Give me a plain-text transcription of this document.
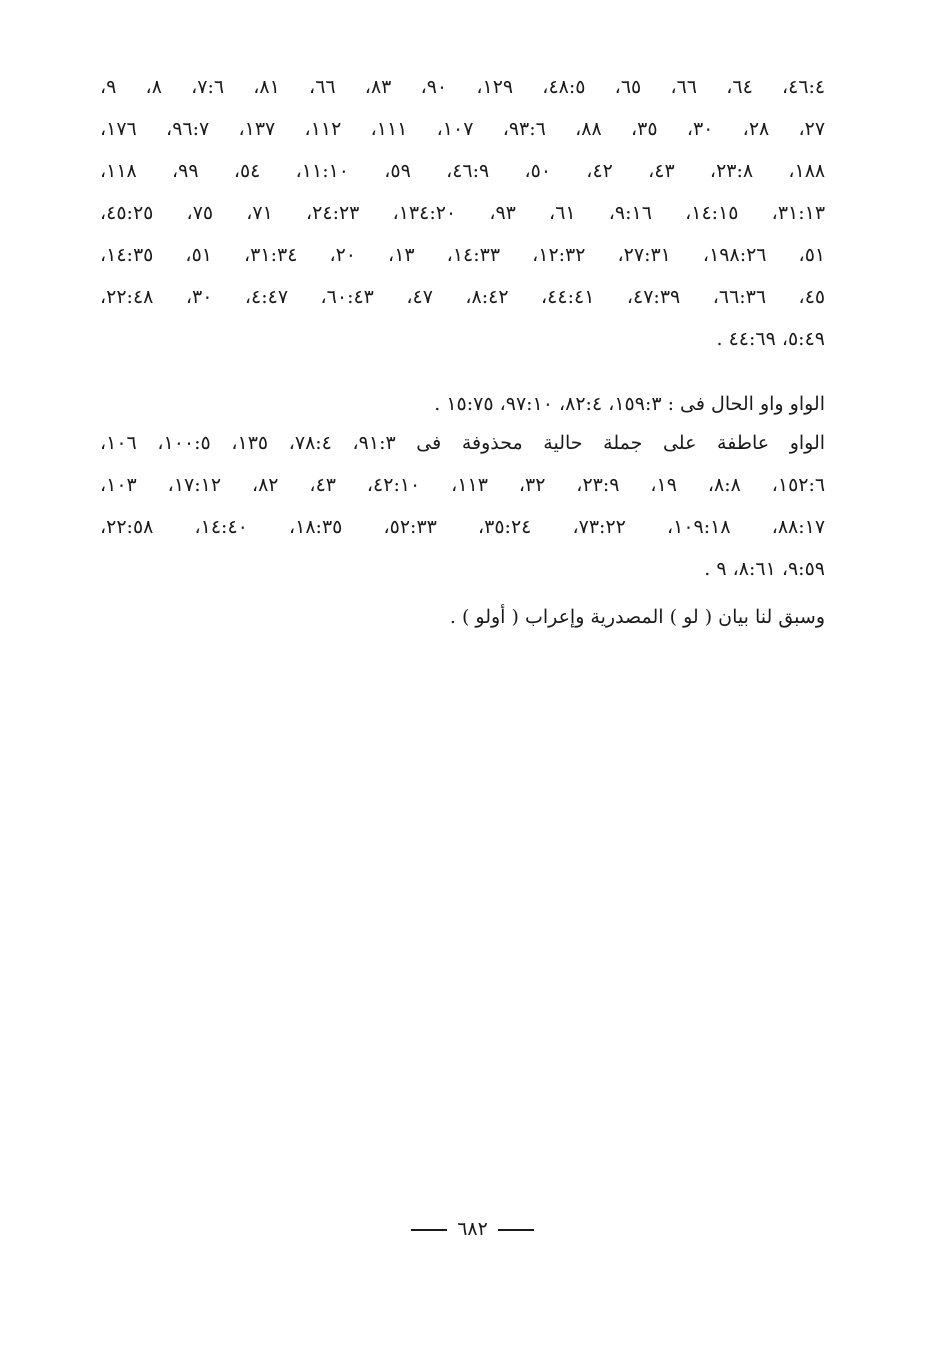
٤٦:٤، ٦٤، ٦٦، ٦٥، ٤٨:٥، ١٢٩، ٩٠، ٨٣، ٦٦، ٨١، ٧:٦، ٨، ٩،
٢٧، ٢٨، ٣٠، ٣٥، ٨٨، ٩٣:٦، ١٠٧، ١١١، ١١٢، ١٣٧، ٩٦:٧، ١٧٦،
١٨٨، ٢٣:٨، ٤٣، ٤٢، ٥٠، ٤٦:٩، ٥٩، ١١:١٠، ٥٤، ٩٩، ١١٨،
٣١:١٣، ١٤:١٥، ٩:١٦، ٦١، ٩٣، ١٣٤:٢٠، ٢٤:٢٣، ٧١، ٧٥، ٤٥:٢٥،
٥١، ١٩٨:٢٦، ٢٧:٣١، ١٢:٣٢، ١٤:٣٣، ١٣، ٢٠، ٣١:٣٤، ٥١، ١٤:٣٥،
٤٥، ٦٦:٣٦، ٤٧:٣٩، ٤٤:٤١، ٨:٤٢، ٤٧، ٦٠:٤٣، ٤:٤٧، ٣٠، ٢٢:٤٨،
٥:٤٩، ٤٤:٦٩ .
الواو واو الحال فى : ١٥٩:٣، ٨٢:٤، ٩٧:١٠، ١٥:٧٥ .
الواو عاطفة على جملة حالية محذوفة فى ٩١:٣، ٧٨:٤، ١٣٥، ١٠٠:٥، ١٠٦،
١٥٢:٦، ٨:٨، ١٩، ٢٣:٩، ٣٢، ١١٣، ٤٢:١٠، ٤٣، ٨٢، ١٧:١٢، ١٠٣،
٨٨:١٧، ١٠٩:١٨، ٧٣:٢٢، ٣٥:٢٤، ٥٢:٣٣، ١٨:٣٥، ١٤:٤٠، ٢٢:٥٨،
٩:٥٩، ٨:٦١، ٩ .
وسبق لنا بيان ( لو ) المصدرية وإعراب ( أولو ) .
٦٨٢
